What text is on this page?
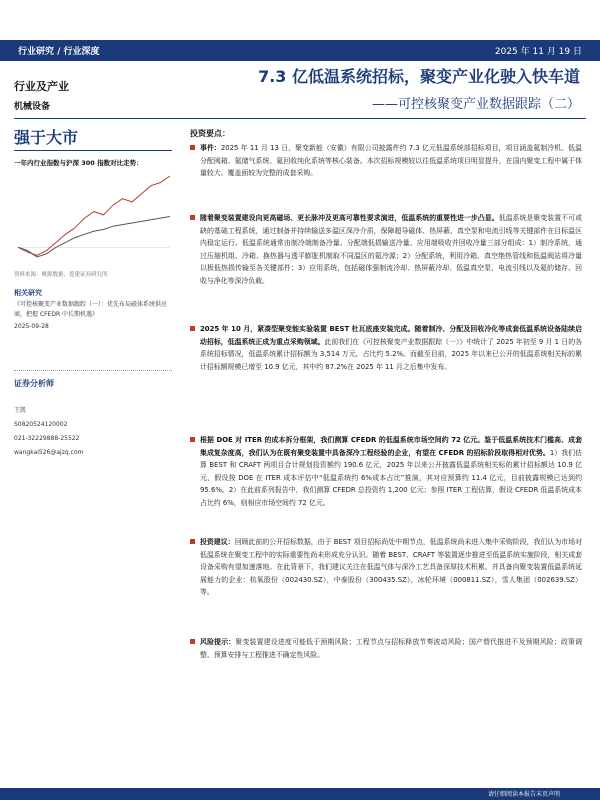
行业研究 / 行业深度	2025 年 11 月 19 日
行业及产业
机械设备
7.3 亿低温系统招标，聚变产业化驶入快车道
——可控核聚变产业数据跟踪（二）
强于大市
一年内行业指数与沪深 300 指数对比走势：
资料来源：聚源数据，爱建证券研究所
相关研究
《可控核聚变产业数据跟踪（一）：优先布局磁体系统供应商，把握 CFEDR 中长期机遇》
2025-09-28
证券分析师
王凯
S0820524120002
021-32229888-25522
wangkai526@ajzq.com
投资要点：
事件：2025 年 11 月 13 日，聚变新能（安徽）有限公司披露件约 7.3 亿元低温系统部招标项目，项目涵盖氦制冷机、低温分配阀箱、氦储气系统、氦回收纯化系统等核心装备。本次招标规模较以往低温系统项目明显提升，在国内聚变工程中属于体量较大、覆盖面较为完整的成套采购。
随着聚变装置建设向更高磁场、更长脉冲及更高可靠性要求演进，低温系统的重要性进一步凸显。低温系统是聚变装置不可或缺的基础工程系统，通过制备并持续输送多温区深冷介质，保障超导磁体、热屏蔽、真空泵和电流引线等关键部件在目标温区内稳定运行。低温系统通常由制冷端制备冷量、分配端低损输送冷量、应用端吸收并回收冷量三部分组成：1）制冷系统，通过压缩机组、冷箱、换热器与透平膨胀机制取不同温区的氦冷源；2）分配系统，利用冷箱、真空绝热管线和低温阀站将冷量以极低热损传输至各关键部件；3）应用系统，包括磁体强制流冷却、热屏蔽冷却、低温真空泵、电流引线以及氦的储存、回收与净化等深冷负载。
2025 年 10 月，紧凑型聚变能实验装置 BEST 杜瓦底座安装完成。随着制冷、分配及回收冷化等成套低温系统设备陆续启动招标，低温系统正成为重点采购领域。此前我们在《可控核聚变产业数据跟踪（一）》中统计了 2025 年初至 9 月 1 日的各系统招标情况，低温系统累计招标额为 3,514 万元，占比约 5.2%。而截至目前，2025 年以来已公开的低温系统相关标的累计招标额规模已增至 10.9 亿元，其中约 87.2%在 2025 年 11 月之后集中发布。
根据 DOE 对 ITER 的成本拆分框架，我们测算 CFEDR 的低温系统市场空间约 72 亿元。鉴于低温系统技术门槛高、成套集成复杂度高，我们认为在既有聚变装置中具备深冷工程经验的企业，有望在 CFEDR 的招标阶段取得相对优势。1）我们估算 BEST 和 CRAFT 两项目合计规划投资额约 190.6 亿元，2025 年以来公开披露低温系统相关标的累计招标额达 10.9 亿元，假设按 DOE 在 ITER 成本评估中“低温系统约 6%成本占比”推演，其对应预算约 11.4 亿元，目前披露规模已达到约 95.6%。2）在此前系列报告中，我们测算 CFEDR 总投资约 1,200 亿元；参照 ITER 工程估算，假设 CFEDR 低温系统成本占比约 6%，则相应市场空间约 72 亿元。
投资建议：回顾此前的公开招标数据，由于 BEST 项目招标尚处中期节点，低温系统尚未进入集中采购阶段，我们认为市场对低温系统在聚变工程中的实际重要性尚未形成充分认识。随着 BEST、CRAFT 等装置逐步推进至低温系统实施阶段，相关成套设备采购有望加速落地。在此背景下，我们建议关注在低温气体与深冷工艺具备深厚技术积累、并具备向聚变装置低温系统延展能力的企业：杭氧股份（002430.SZ），中泰股份（300435.SZ），冰轮环境（000811.SZ），雪人集团（002639.SZ）等。
风险提示：聚变装置建设进度可能低于预期风险；工程节点与招标释放节奏波动风险；国产替代推进不及预期风险；政策调整、预算安排与工程推进不确定性风险。
请仔细阅读本报告末页声明
